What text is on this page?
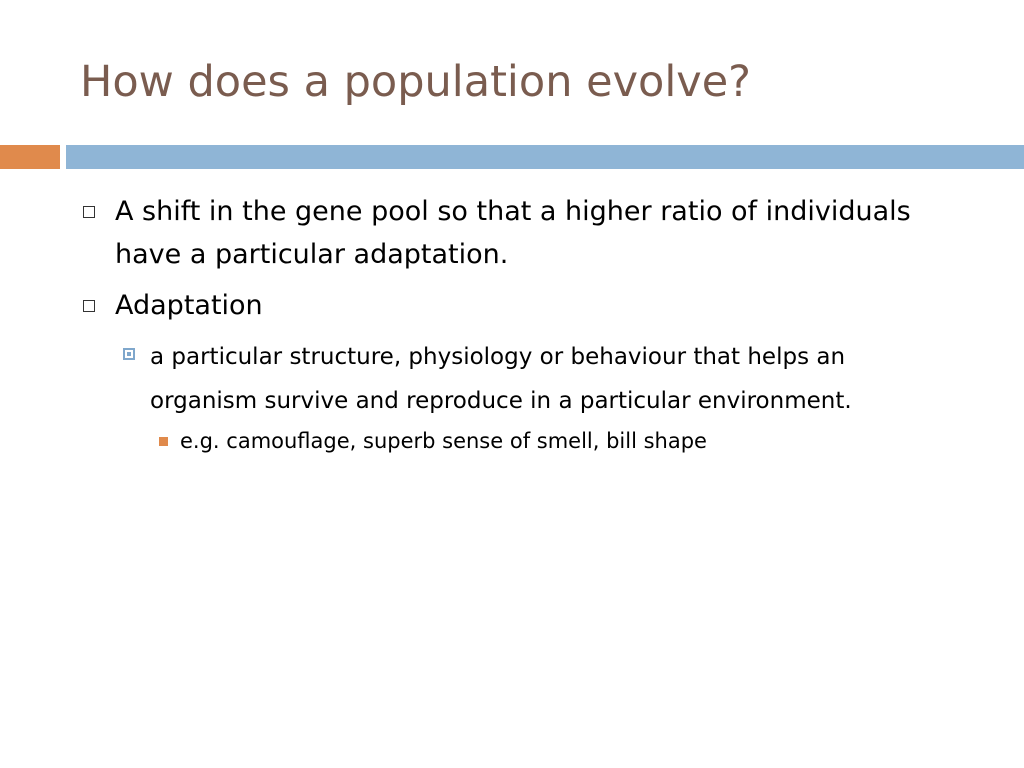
How does a population evolve?
A shift in the gene pool so that a higher ratio of individuals have a particular adaptation.
Adaptation
a particular structure, physiology or behaviour that helps an organism survive and reproduce in a particular environment.
e.g. camouflage, superb sense of smell, bill shape
